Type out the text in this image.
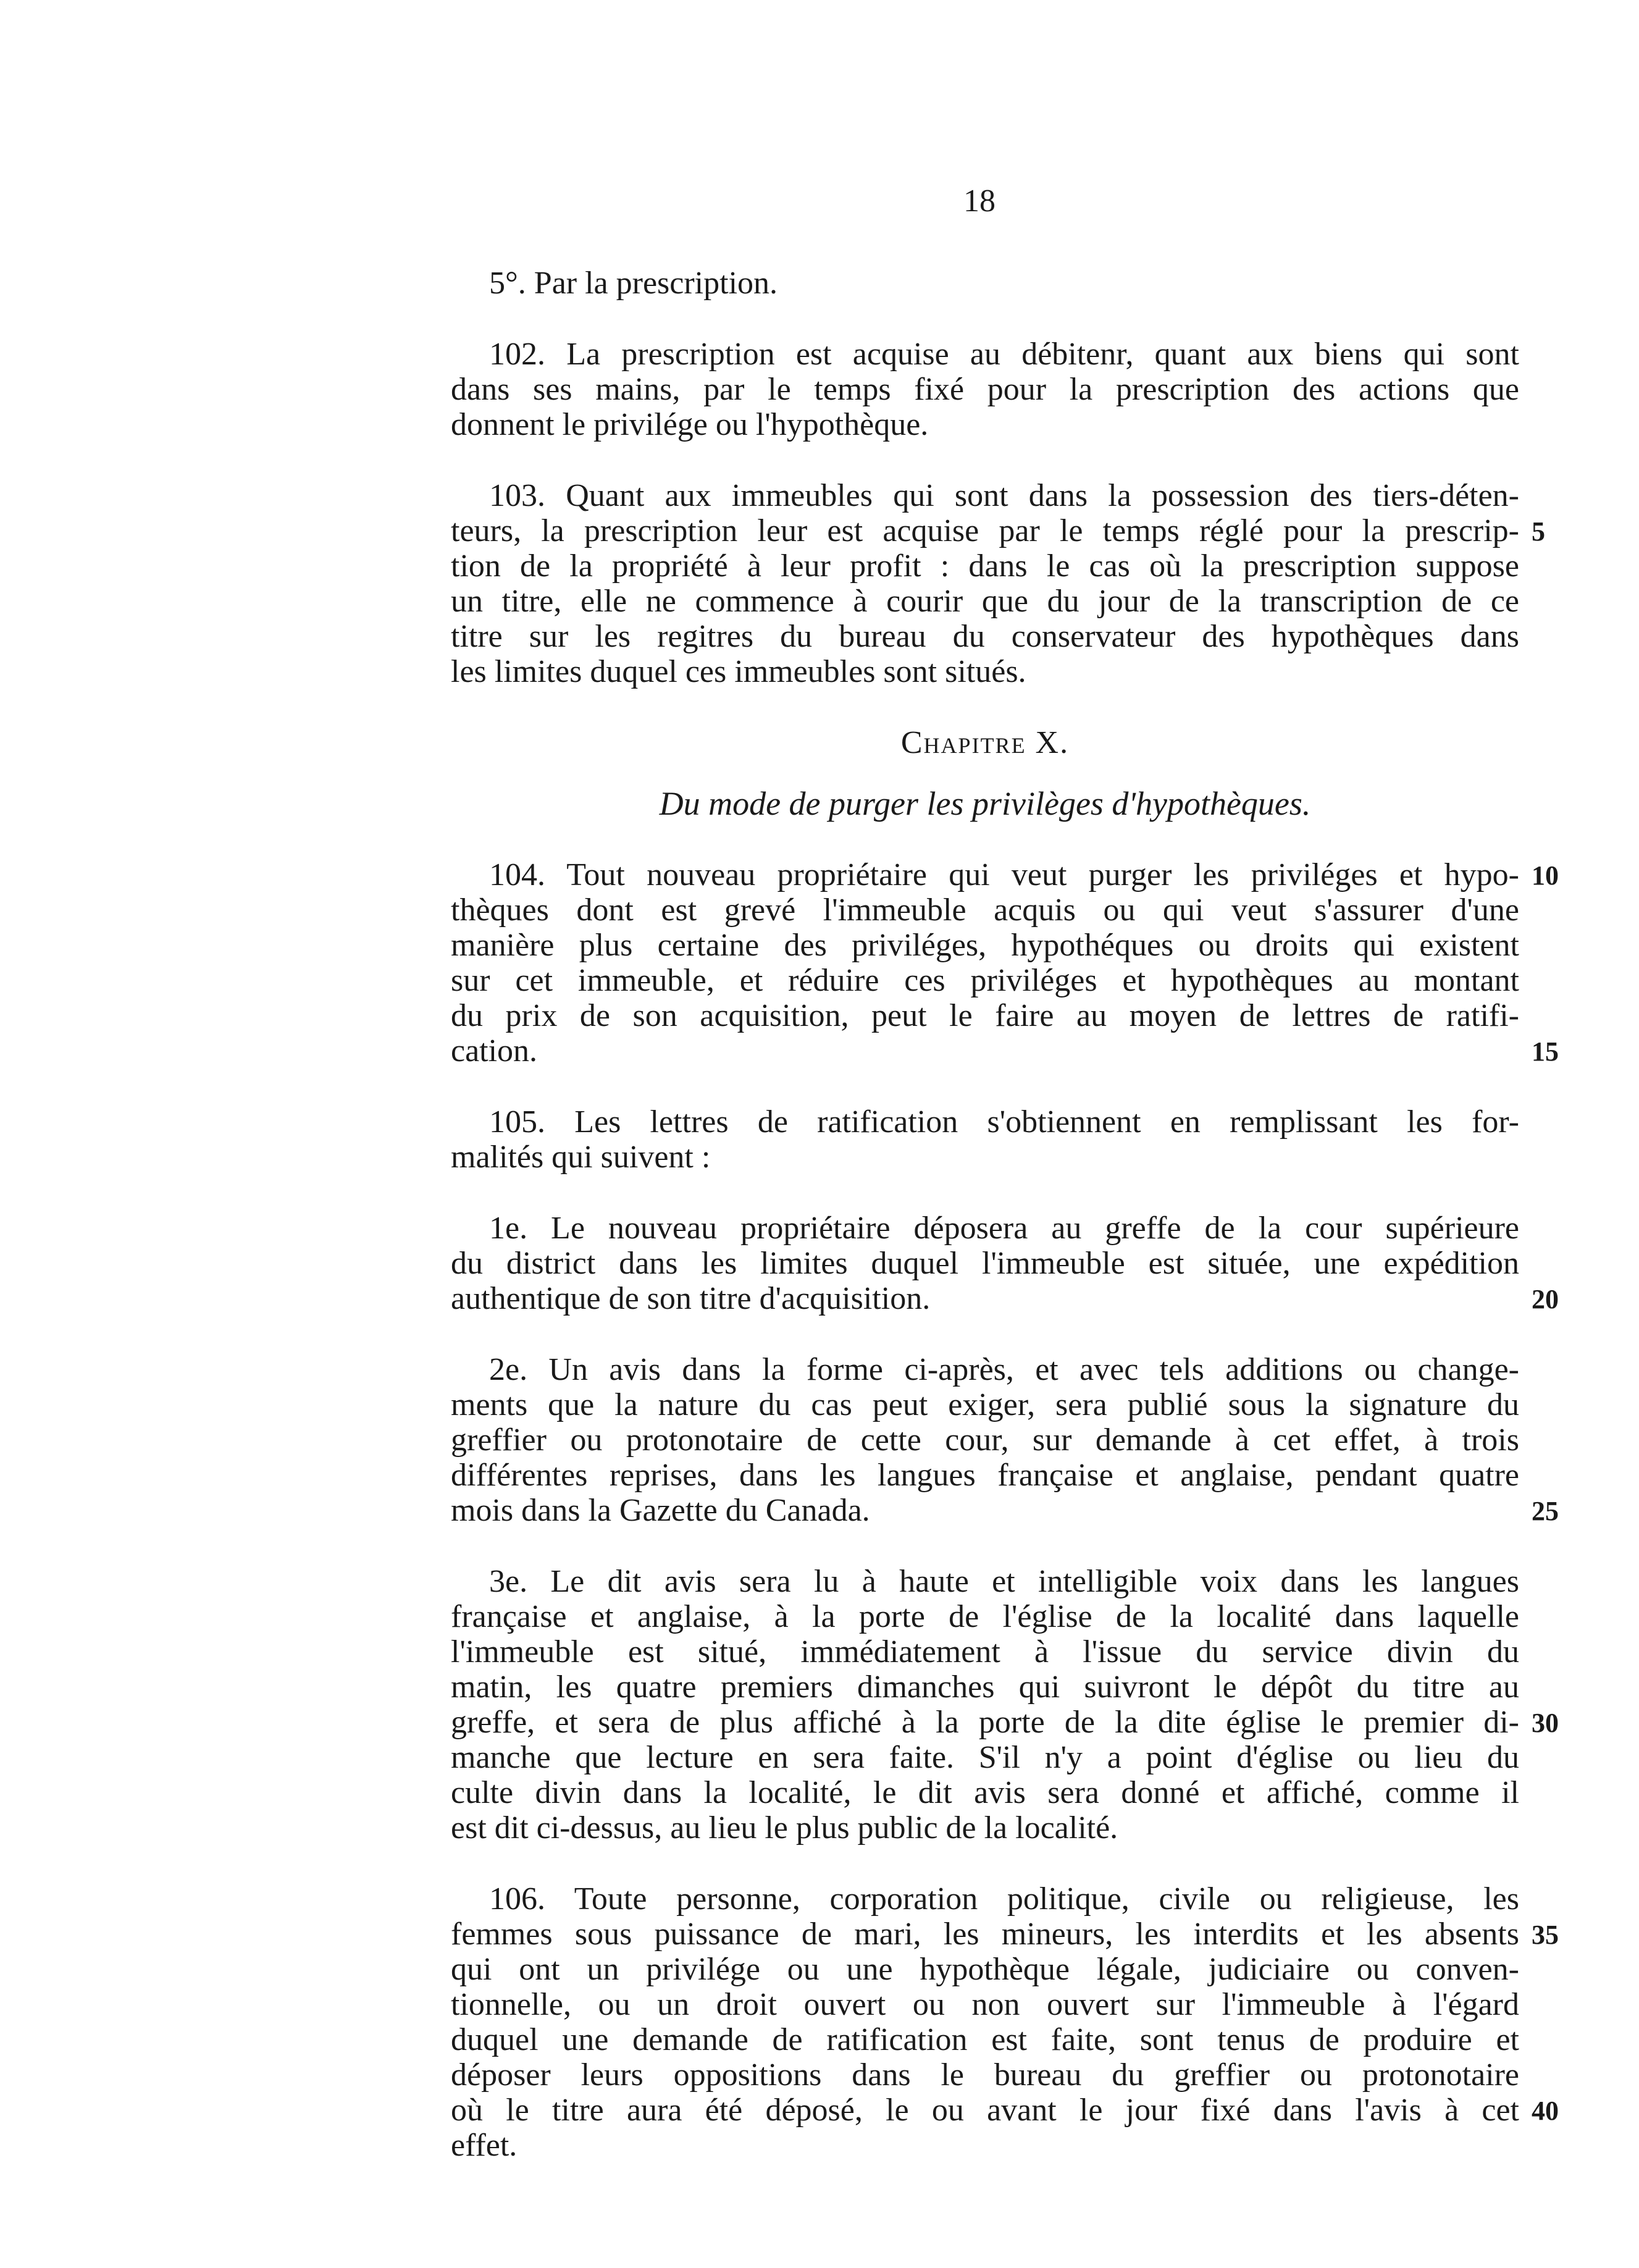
18
5°. Par la prescription.
102. La prescription est acquise au débitenr, quant aux biens qui sont
dans ses mains, par le temps fixé pour la prescription des actions que
donnent le privilége ou l'hypothèque.
103. Quant aux immeubles qui sont dans la possession des tiers-déten-
teurs, la prescription leur est acquise par le temps réglé pour la prescrip-
tion de la propriété à leur profit : dans le cas où la prescription suppose
un titre, elle ne commence à courir que du jour de la transcription de ce
titre sur les regitres du bureau du conservateur des hypothèques dans
les limites duquel ces immeubles sont situés.
Chapitre X.
Du mode de purger les privilèges d'hypothèques.
104. Tout nouveau propriétaire qui veut purger les priviléges et hypo-
thèques dont est grevé l'immeuble acquis ou qui veut s'assurer d'une
manière plus certaine des priviléges, hypothéques ou droits qui existent
sur cet immeuble, et réduire ces priviléges et hypothèques au montant
du prix de son acquisition, peut le faire au moyen de lettres de ratifi-
cation.
105. Les lettres de ratification s'obtiennent en remplissant les for-
malités qui suivent :
1e. Le nouveau propriétaire déposera au greffe de la cour supérieure
du district dans les limites duquel l'immeuble est située, une expédition
authentique de son titre d'acquisition.
2e. Un avis dans la forme ci-après, et avec tels additions ou change-
ments que la nature du cas peut exiger, sera publié sous la signature du
greffier ou protonotaire de cette cour, sur demande à cet effet, à trois
différentes reprises, dans les langues française et anglaise, pendant quatre
mois dans la Gazette du Canada.
3e. Le dit avis sera lu à haute et intelligible voix dans les langues
française et anglaise, à la porte de l'église de la localité dans laquelle
l'immeuble est situé, immédiatement à l'issue du service divin du
matin, les quatre premiers dimanches qui suivront le dépôt du titre au
greffe, et sera de plus affiché à la porte de la dite église le premier di-
manche que lecture en sera faite. S'il n'y a point d'église ou lieu du
culte divin dans la localité, le dit avis sera donné et affiché, comme il
est dit ci-dessus, au lieu le plus public de la localité.
106. Toute personne, corporation politique, civile ou religieuse, les
femmes sous puissance de mari, les mineurs, les interdits et les absents
qui ont un privilége ou une hypothèque légale, judiciaire ou conven-
tionnelle, ou un droit ouvert ou non ouvert sur l'immeuble à l'égard
duquel une demande de ratification est faite, sont tenus de produire et
déposer leurs oppositions dans le bureau du greffier ou protonotaire
où le titre aura été déposé, le ou avant le jour fixé dans l'avis à cet
effet.
5
10
15
20
25
30
35
40
